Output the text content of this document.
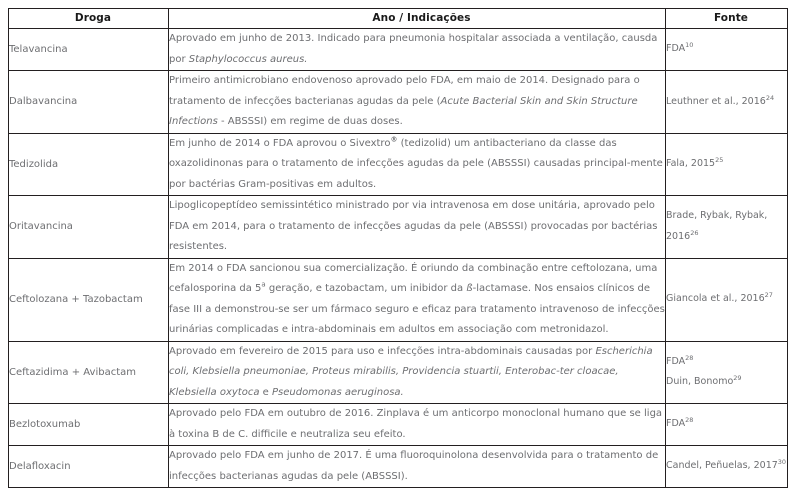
Droga	Ano / Indicações	Fonte

Telavancina	Aprovado em junho de 2013. Indicado para pneumonia hospitalar associada a ventilação, causda por Staphylococcus aureus.	FDA$^{10}$
Dalbavancina	Primeiro antimicrobiano endovenoso aprovado pelo FDA, em maio de 2014. Designado para o tratamento de infecções bacterianas agudas da pele (Acute Bacterial Skin and Skin Structure Infections - ABSSSI) em regime de duas doses.	Leuthner et al., 2016$^{24}$
Tedizolida	Em junho de 2014 o FDA aprovou o Sivextro® (tedizolid) um antibacteriano da classe das oxazolidinonas para o tratamento de infecções agudas da pele (ABSSSI) causadas principal-mente por bactérias Gram-positivas em adultos.	Fala, 2015$^{25}$
Oritavancina	Lipoglicopeptídeo semissintético ministrado por via intravenosa em dose unitária, aprovado pelo FDA em 2014, para o tratamento de infecções agudas da pele (ABSSSI) provocadas por bactérias resistentes.	Brade, Rybak, Rybak, 2016$^{26}$
Ceftolozana + Tazobactam	Em 2014 o FDA sancionou sua comercialização. É oriundo da combinação entre ceftolozana, uma cefalosporina da 5$^a$ geração, e tazobactam, um inibidor da ß-lactamase. Nos ensaios clínicos de fase III a demonstrou-se ser um fármaco seguro e eficaz para tratamento intravenoso de infecções urinárias complicadas e intra-abdominais em adultos em associação com metronidazol.	Giancola et al., 2016$^{27}$
Ceftazidima + Avibactam	Aprovado em fevereiro de 2015 para uso e infecções intra-abdominais causadas por Escherichia coli, Klebsiella pneumoniae, Proteus mirabilis, Providencia stuartii, Enterobac-ter cloacae, Klebsiella oxytoca e Pseudomonas aeruginosa.	FDA$^{28}$
Duin, Bonomo$^{29}$
Bezlotoxumab	Aprovado pelo FDA em outubro de 2016. Zinplava é um anticorpo monoclonal humano que se liga à toxina B de C. difficile e neutraliza seu efeito.	FDA$^{28}$
Delafloxacin	Aprovado pelo FDA em junho de 2017. É uma fluoroquinolona desenvolvida para o tratamento de infecções bacterianas agudas da pele (ABSSSI).	Candel, Peñuelas, 2017$^{30}$
